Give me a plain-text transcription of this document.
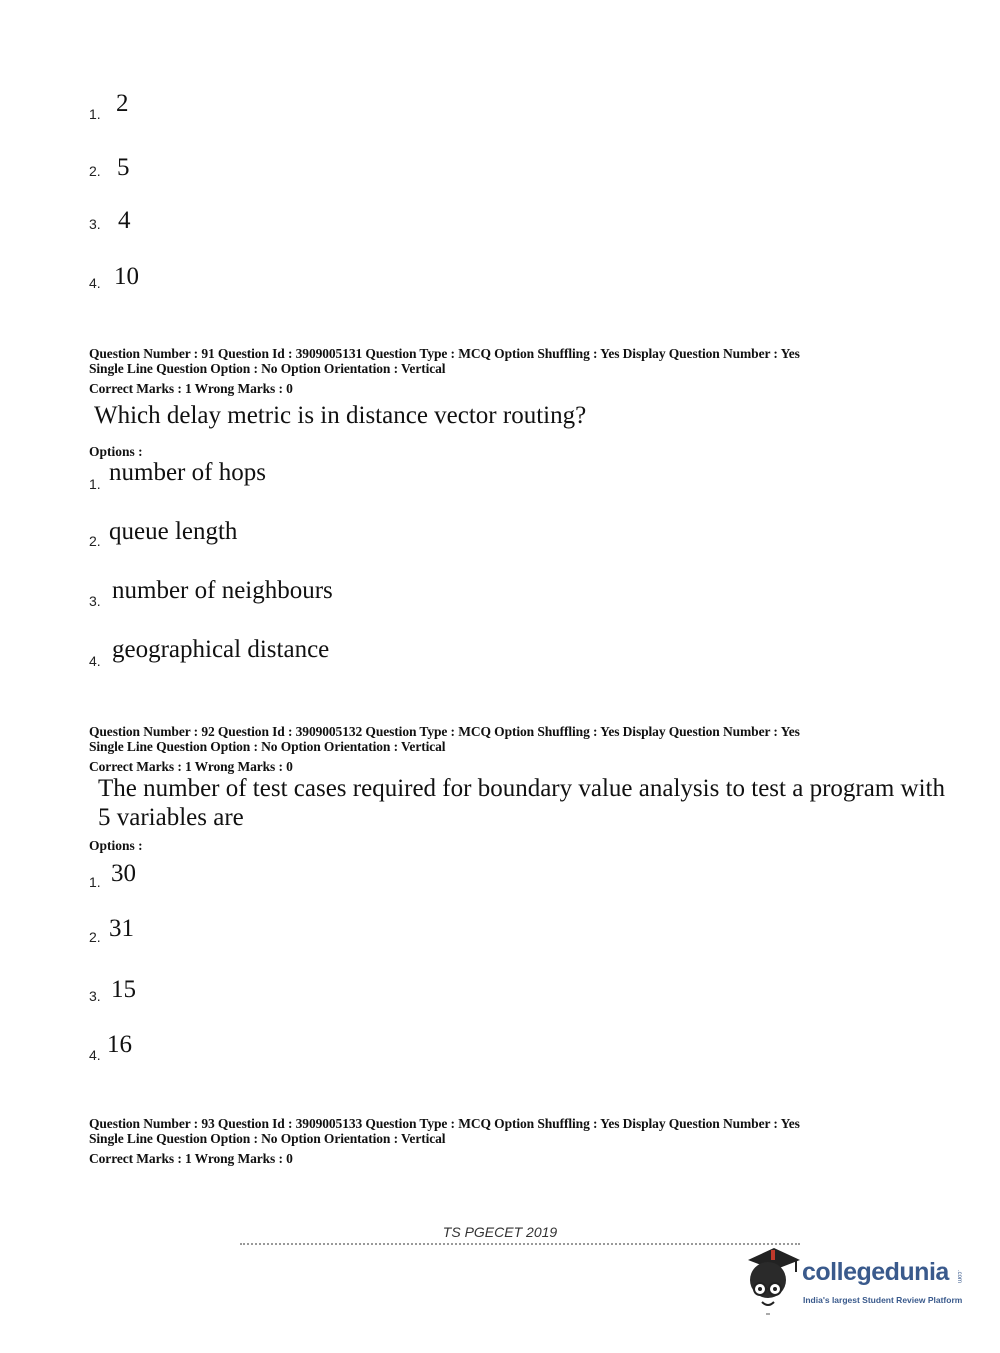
1. 2
2. 5
3. 4
4. 10
Question Number : 91 Question Id : 3909005131 Question Type : MCQ Option Shuffling : Yes Display Question Number : Yes
Single Line Question Option : No Option Orientation : Vertical
Correct Marks : 1 Wrong Marks : 0
Which delay metric is in distance vector routing?
Options :
1. number of hops
2. queue length
3. number of neighbours
4. geographical distance
Question Number : 92 Question Id : 3909005132 Question Type : MCQ Option Shuffling : Yes Display Question Number : Yes
Single Line Question Option : No Option Orientation : Vertical
Correct Marks : 1 Wrong Marks : 0
The number of test cases required for boundary value analysis to test a program with
5 variables are
Options :
1. 30
2. 31
3. 15
4. 16
Question Number : 93 Question Id : 3909005133 Question Type : MCQ Option Shuffling : Yes Display Question Number : Yes
Single Line Question Option : No Option Orientation : Vertical
Correct Marks : 1 Wrong Marks : 0
TS PGECET 2019
collegedunia .com
India's largest Student Review Platform
